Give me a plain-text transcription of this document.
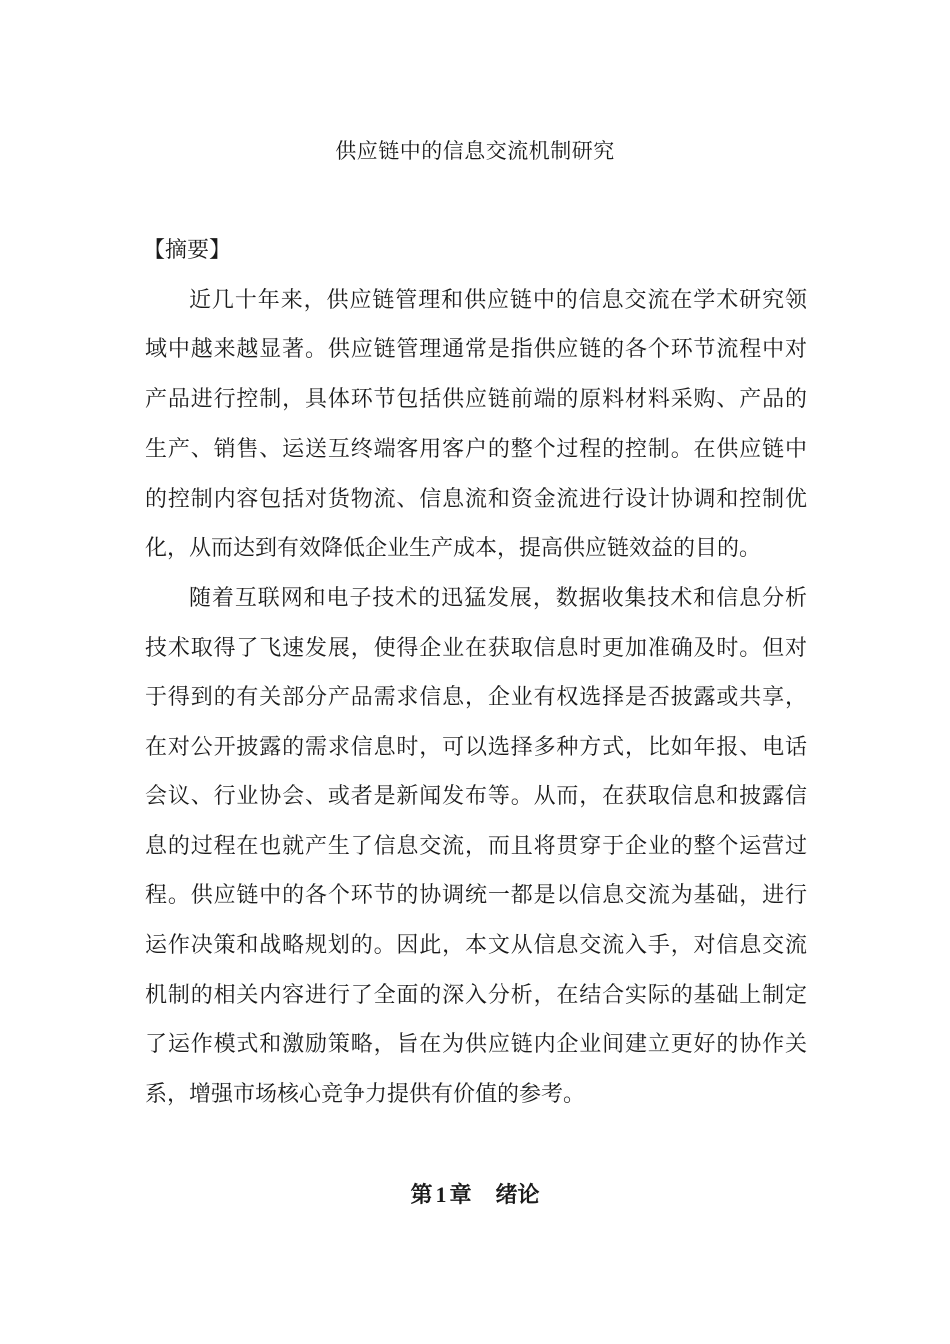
供应链中的信息交流机制研究
【摘要】
近几十年来，供应链管理和供应链中的信息交流在学术研究领
域中越来越显著。供应链管理通常是指供应链的各个环节流程中对
产品进行控制，具体环节包括供应链前端的原料材料采购、产品的
生产、销售、运送互终端客用客户的整个过程的控制。在供应链中
的控制内容包括对货物流、信息流和资金流进行设计协调和控制优
化，从而达到有效降低企业生产成本，提高供应链效益的目的。
随着互联网和电子技术的迅猛发展，数据收集技术和信息分析
技术取得了飞速发展，使得企业在获取信息时更加准确及时。但对
于得到的有关部分产品需求信息，企业有权选择是否披露或共享，
在对公开披露的需求信息时，可以选择多种方式，比如年报、电话
会议、行业协会、或者是新闻发布等。从而，在获取信息和披露信
息的过程在也就产生了信息交流，而且将贯穿于企业的整个运营过
程。供应链中的各个环节的协调统一都是以信息交流为基础，进行
运作决策和战略规划的。因此，本文从信息交流入手，对信息交流
机制的相关内容进行了全面的深入分析，在结合实际的基础上制定
了运作模式和激励策略，旨在为供应链内企业间建立更好的协作关
系，增强市场核心竞争力提供有价值的参考。
第 1 章 绪论
